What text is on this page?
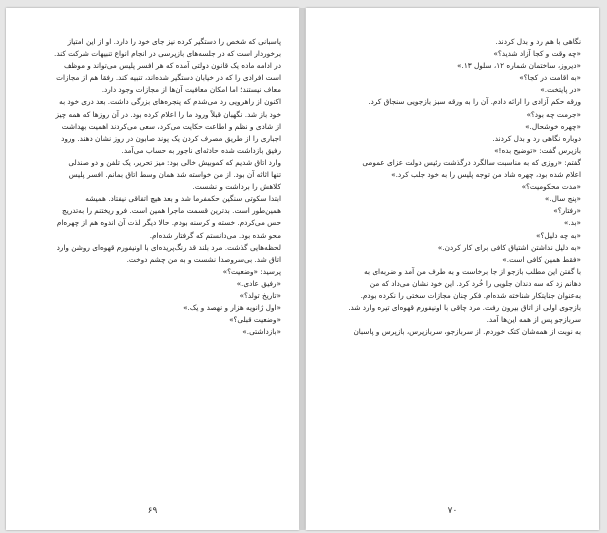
پاسبانی که شخص را دستگیر کرده نیز جای خود را دارد. او از این امتیاز
برخوردار است که در جلسه‌های بازپرسی در انجام انواع تنبیهات شرکت کند.
در ادامه ماده یک قانون دولتی آمده که هر افسر پلیس می‌تواند و موظف
است افرادی را که در خیابان دستگیر شده‌اند، تنبیه کند. رفقا هم از مجازات
معاف نیستند؛ اما امکان معافیت آن‌ها از مجازات وجود دارد.
اکنون از راهرویی رد می‌شدم که پنجره‌های بزرگی داشت. بعد دری خود به
خود باز شد. نگهبان قبلاً ورود ما را اعلام کرده بود. در آن روزها که همه چیز
از شادی و نظم و اطاعت حکایت می‌کرد، سعی می‌کردند اهمیت بهداشت
اجباری را از طریق مصرف کردن یک پوند صابون در روز نشان دهند. ورود
رفیق بازداشت شده حادثه‌ای ناجور به حساب می‌آمد.
وارد اتاق شدیم که کموبیش خالی بود: میز تحریر، یک تلفن و دو صندلی
تنها اثاثه آن بود. از من خواسته شد همان وسط اتاق بمانم. افسر پلیس
کلاهش را برداشت و نشست.
ابتدا سکوتی سنگین حکمفرما شد و بعد هیچ اتفاقی نیفتاد. همیشه
همین‌طور است. بدترین قسمت ماجرا همین است. فرو ریختنم را به‌تدریج
حس می‌کردم. خسته و کرسنه بودم. حالا دیگر لذت آن اندوه هم از چهره‌ام
محو شده بود. می‌دانستم که گرفتار شده‌ام.
لحظه‌هایی گذشت. مرد بلند قد رنگ‌پریده‌ای با اونیفورم قهوه‌ای روشن وارد
اتاق شد. بی‌سروصدا نشست و به من چشم دوخت.
پرسید: «وضعیت؟»
«رفیق عادی.»
«تاریخ تولد؟»
«اول ژانویه هزار و نهصد و یک.»
«وضعیت قبلی؟»
«بازداشتی.»
۶۹
نگاهی با هم رد و بدل کردند.
«چه وقت و کجا آزاد شدید؟»
«دیروز، ساختمان شماره ۱۲، سلول ۱۳.»
«به اقامت در کجا؟»
«در پایتخت.»
ورقه حکم آزادی را ارائه دادم. آن را به ورقه سبز بازجویی سنجاق کرد.
«جرمت چه بود؟»
«چهره خوشحال.»
دوباره نگاهی رد و بدل کردند.
بازپرس گفت: «توضیح بده!»
گفتم: «روزی که به مناسبت سالگرد درگذشت رئیس دولت عزای عمومی
اعلام شده بود، چهره شاد من توجه پلیس را به خود جلب کرد.»
«مدت محکومیت؟»
«پنج سال.»
«رفتار؟»
«بد.»
«به چه دلیل؟»
«به دلیل نداشتن اشتیاق کافی برای کار کردن.»
«فقط همین کافی است.»
با گفتن این مطلب بازجو از جا برخاست و به طرف من آمد و ضربه‌ای به
دهانم زد که سه دندان جلویی را خُرد کرد. این خود نشان می‌داد که من
به‌عنوان جنایتکار شناخته شده‌ام. فکر چنان مجازات سختی را نکرده بودم.
بازجوی اولی از اتاق بیرون رفت. مرد چاقی با اونیفورم قهوه‌ای تیره وارد شد.
سربازجو پس از همه این‌ها آمد.
به نوبت از همه‌شان کتک خوردم. از سربازجو، سربازپرس، بازپرس و پاسبان
۷۰
